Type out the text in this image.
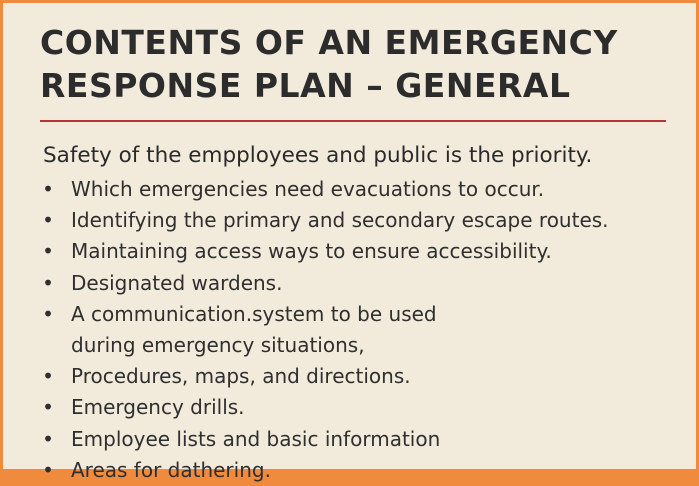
CONTENTS OF AN EMERGENCY RESPONSE PLAN – GENERAL

Safety of the empployees and public is the priority.

• Which emergencies need evacuations to occur.
• Identifying the primary and secondary escape routes.
• Maintaining access ways to ensure accessibility.
• Designated wardens.
• A communication.system to be used
during emergency situations,
• Procedures, maps, and directions.
• Emergency drills.
• Employee lists and basic information
• Areas for dathering.
